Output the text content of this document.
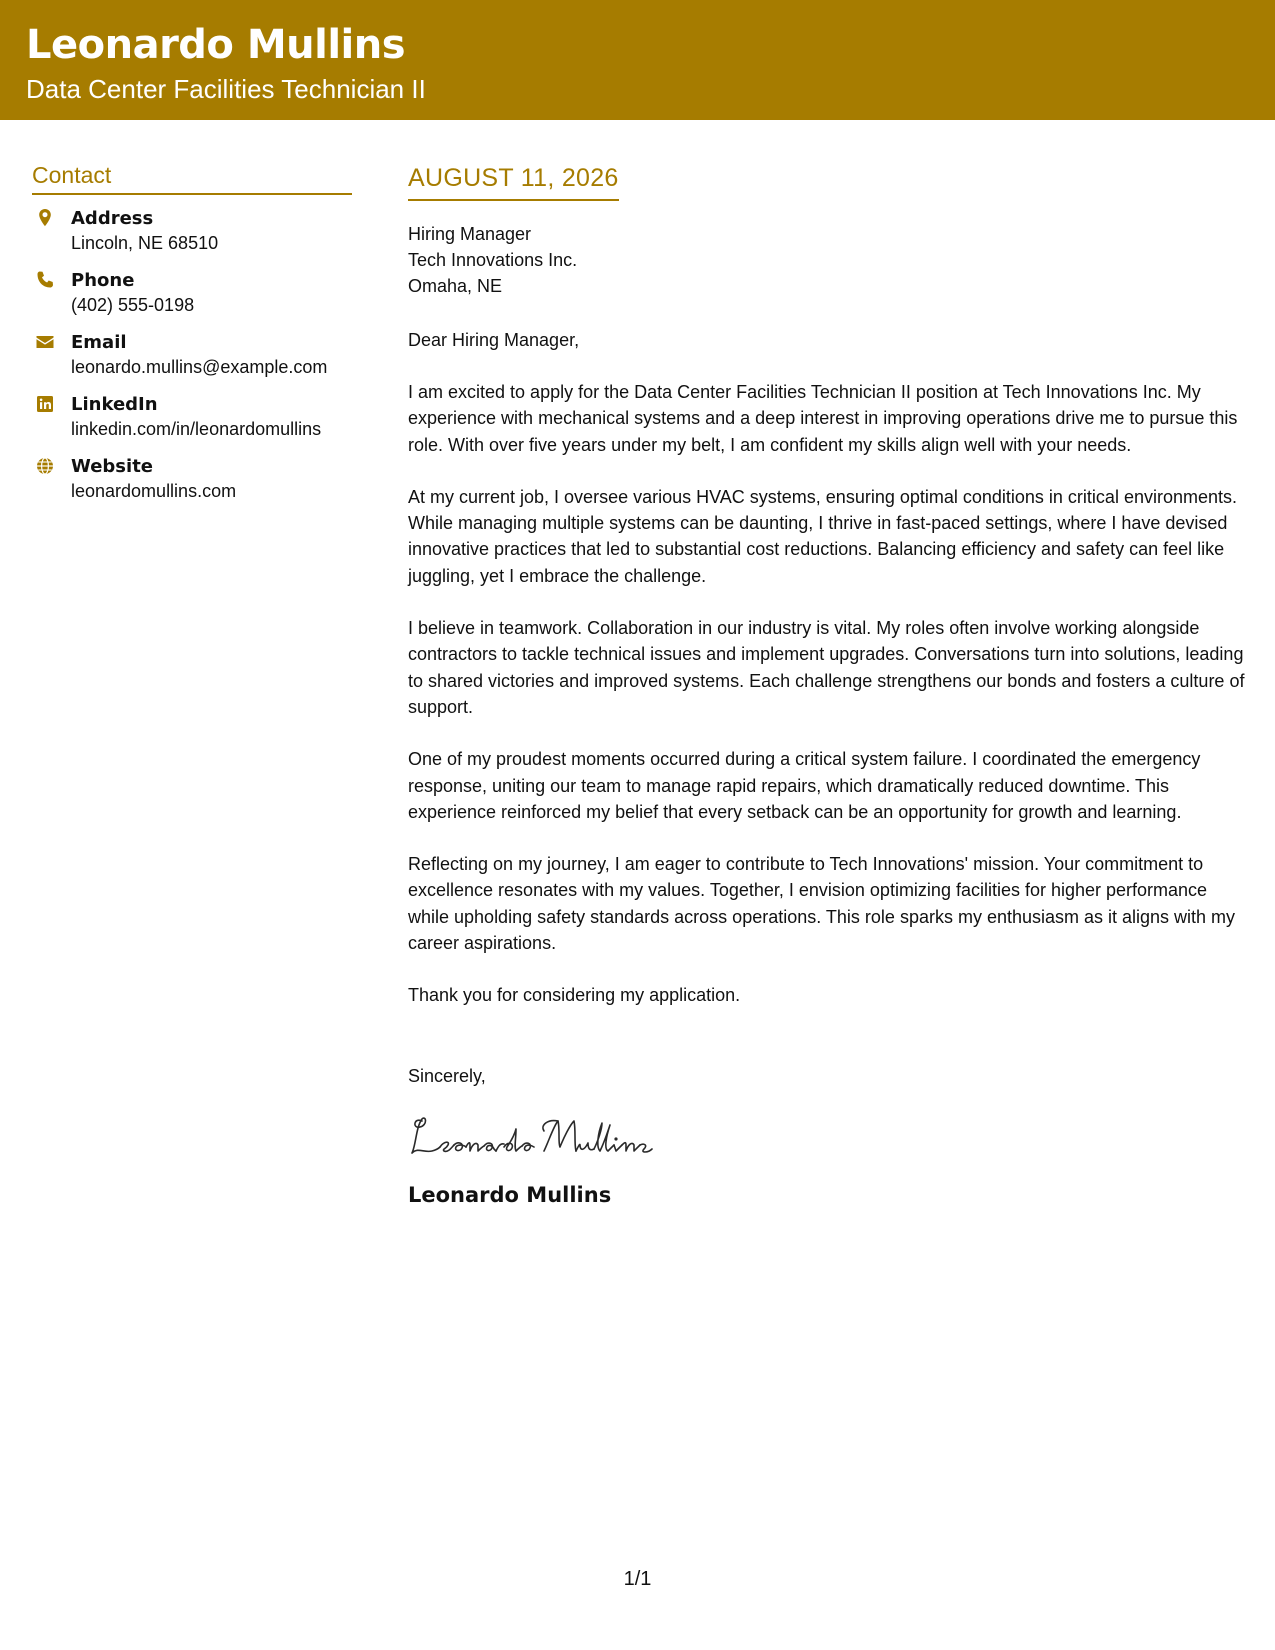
Leonardo Mullins
Data Center Facilities Technician II
Contact
Address
Lincoln, NE 68510
Phone
(402) 555-0198
Email
leonardo.mullins@example.com
LinkedIn
linkedin.com/in/leonardomullins
Website
leonardomullins.com
AUGUST 11, 2026
Hiring Manager
Tech Innovations Inc.
Omaha, NE
Dear Hiring Manager,

I am excited to apply for the Data Center Facilities Technician II position at Tech Innovations Inc. My experience with mechanical systems and a deep interest in improving operations drive me to pursue this role. With over five years under my belt, I am confident my skills align well with your needs.

At my current job, I oversee various HVAC systems, ensuring optimal conditions in critical environments. While managing multiple systems can be daunting, I thrive in fast-paced settings, where I have devised innovative practices that led to substantial cost reductions. Balancing efficiency and safety can feel like juggling, yet I embrace the challenge.

I believe in teamwork. Collaboration in our industry is vital. My roles often involve working alongside contractors to tackle technical issues and implement upgrades. Conversations turn into solutions, leading to shared victories and improved systems. Each challenge strengthens our bonds and fosters a culture of support.

One of my proudest moments occurred during a critical system failure. I coordinated the emergency response, uniting our team to manage rapid repairs, which dramatically reduced downtime. This experience reinforced my belief that every setback can be an opportunity for growth and learning.

Reflecting on my journey, I am eager to contribute to Tech Innovations' mission. Your commitment to excellence resonates with my values. Together, I envision optimizing facilities for higher performance while upholding safety standards across operations. This role sparks my enthusiasm as it aligns with my career aspirations.

Thank you for considering my application.

Sincerely,
Leonardo Mullins
1/1
